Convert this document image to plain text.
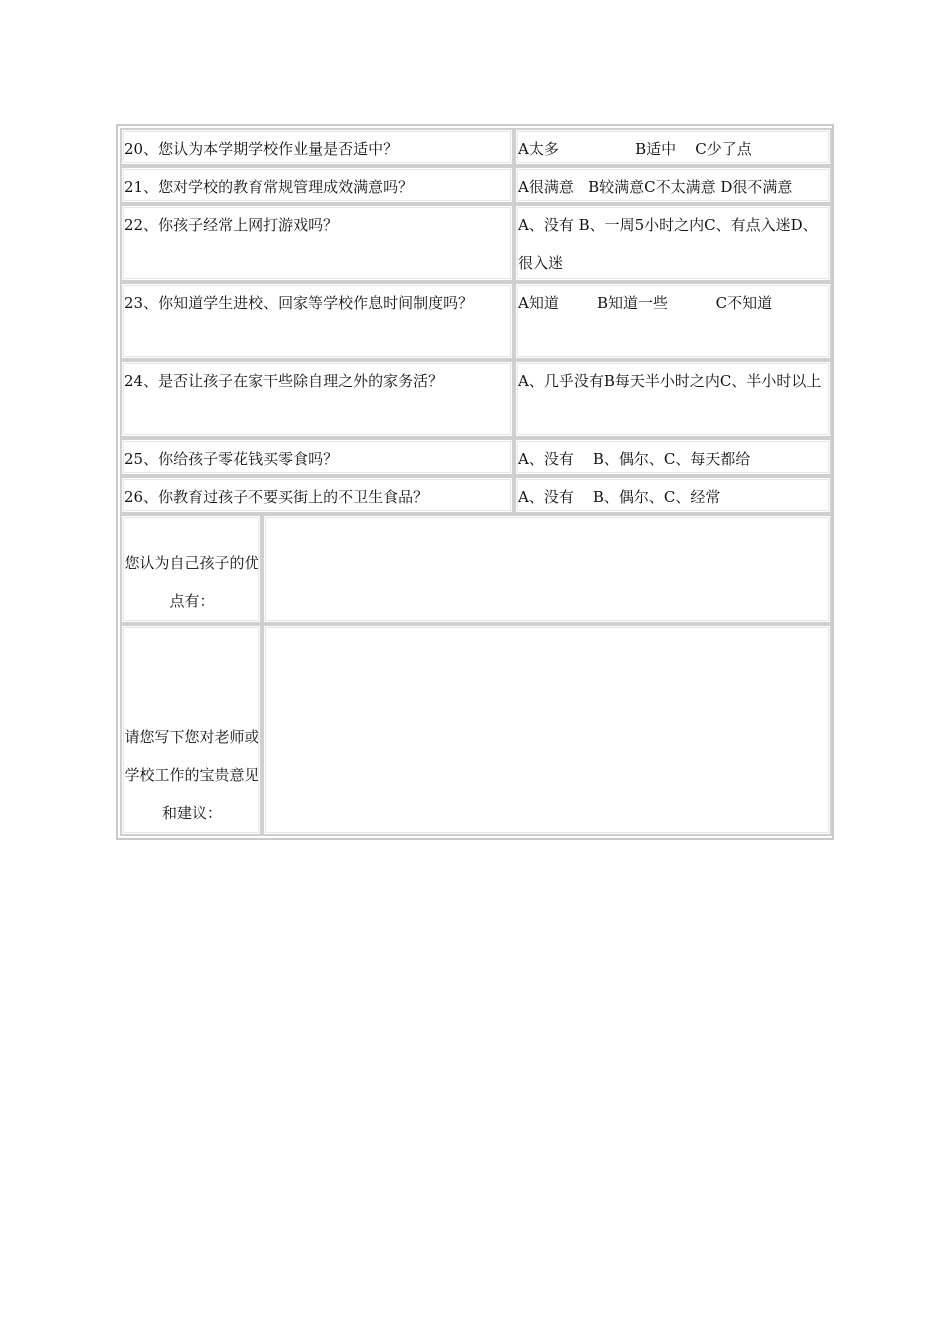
20、您认为本学期学校作业量是否适中？	A太多                B适中    C少了点
21、您对学校的教育常规管理成效满意吗？	A很满意   B较满意C不太满意 D很不满意
22、你孩子经常上网打游戏吗？	A、没有 B、一周5小时之内C、有点入迷D、很入迷
23、你知道学生进校、回家等学校作息时间制度吗？	A知道        B知道一些          C不知道
24、是否让孩子在家干些除自理之外的家务活？	A、几乎没有B每天半小时之内C、半小时以上
25、你给孩子零花钱买零食吗？	A、没有    B、偶尔、C、每天都给
26、你教育过孩子不要买街上的不卫生食品？	A、没有    B、偶尔、C、经常
您认为自己孩子的优点有：
请您写下您对老师或学校工作的宝贵意见和建议：
